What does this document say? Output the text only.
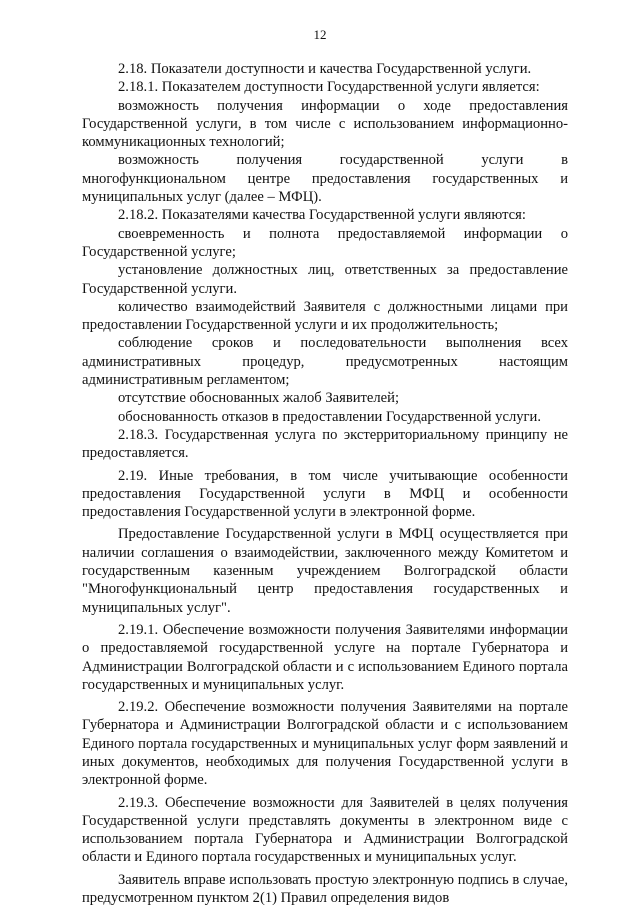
12

2.18. Показатели доступности и качества Государственной услуги.

2.18.1. Показателем доступности Государственной услуги является:

возможность получения информации о ходе предоставления Государственной услуги, в том числе с использованием информационно-коммуникационных технологий;

возможность получения государственной услуги в многофункциональном центре предоставления государственных и муниципальных услуг (далее – МФЦ).

2.18.2. Показателями качества Государственной услуги являются:

своевременность и полнота предоставляемой информации о Государственной услуге;

установление должностных лиц, ответственных за предоставление Государственной услуги.

количество взаимодействий Заявителя с должностными лицами при предоставлении Государственной услуги и их продолжительность;

соблюдение сроков и последовательности выполнения всех административных процедур, предусмотренных настоящим административным регламентом;

отсутствие обоснованных жалоб Заявителей;

обоснованность отказов в предоставлении Государственной услуги.

2.18.3. Государственная услуга по экстерриториальному принципу не предоставляется.

2.19. Иные требования, в том числе учитывающие особенности предоставления Государственной услуги в МФЦ и особенности предоставления Государственной услуги в электронной форме.

Предоставление Государственной услуги в МФЦ осуществляется при наличии соглашения о взаимодействии, заключенного между Комитетом и государственным казенным учреждением Волгоградской области "Многофункциональный центр предоставления государственных и муниципальных услуг".

2.19.1. Обеспечение возможности получения Заявителями информации о предоставляемой государственной услуге на портале Губернатора и Администрации Волгоградской области и с использованием Единого портала государственных и муниципальных услуг.

2.19.2. Обеспечение возможности получения Заявителями на портале Губернатора и Администрации Волгоградской области и с использованием Единого портала государственных и муниципальных услуг форм заявлений и иных документов, необходимых для получения Государственной услуги в электронной форме.

2.19.3. Обеспечение возможности для Заявителей в целях получения Государственной услуги представлять документы в электронном виде с использованием портала Губернатора и Администрации Волгоградской области и Единого портала государственных и муниципальных услуг.

Заявитель вправе использовать простую электронную подпись в случае, предусмотренном пунктом 2(1) Правил определения видов
